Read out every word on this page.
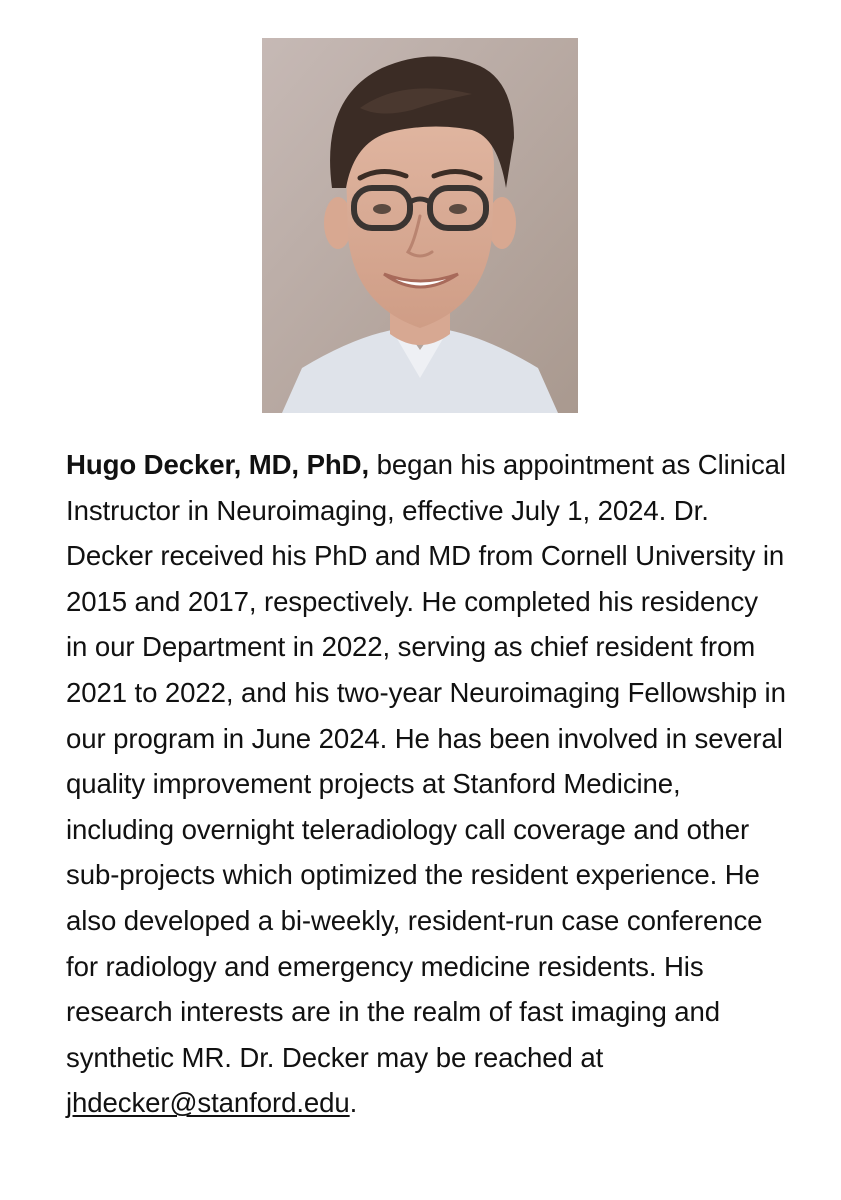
Hugo Decker, MD, PhD, began his appointment as Clinical Instructor in Neuroimaging, effective July 1, 2024. Dr. Decker received his PhD and MD from Cornell University in 2015 and 2017, respectively. He completed his residency in our Department in 2022, serving as chief resident from 2021 to 2022, and his two-year Neuroimaging Fellowship in our program in June 2024. He has been involved in several quality improvement projects at Stanford Medicine, including overnight teleradiology call coverage and other sub-projects which optimized the resident experience. He also developed a bi-weekly, resident-run case conference for radiology and emergency medicine residents. His research interests are in the realm of fast imaging and synthetic MR. Dr. Decker may be reached at jhdecker@stanford.edu.
